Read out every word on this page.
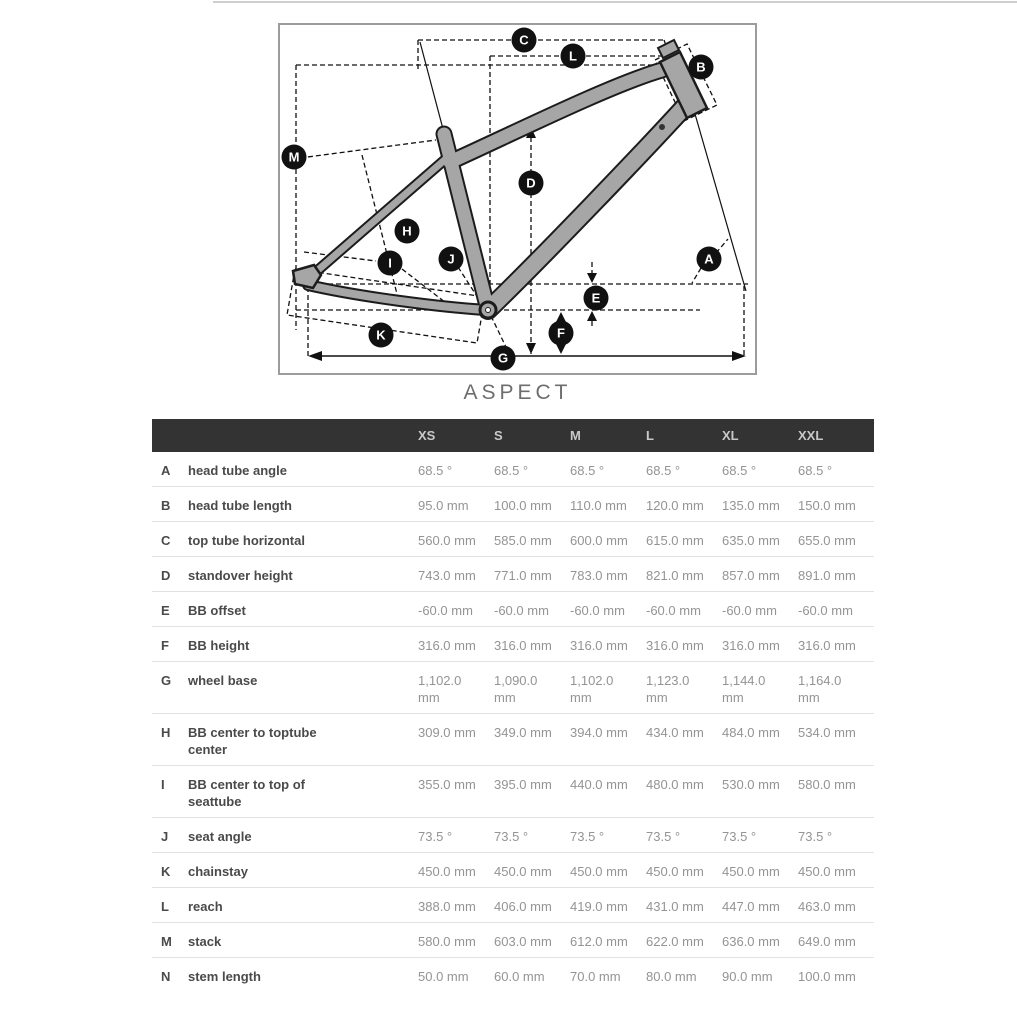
C
L
B
M
D
H
A
J
I
E
F
K
G
ASPECT
		XS	S	M	L	XL	XXL
A	head tube angle	68.5 °	68.5 °	68.5 °	68.5 °	68.5 °	68.5 °
B	head tube length	95.0 mm	100.0 mm	110.0 mm	120.0 mm	135.0 mm	150.0 mm
C	top tube horizontal	560.0 mm	585.0 mm	600.0 mm	615.0 mm	635.0 mm	655.0 mm
D	standover height	743.0 mm	771.0 mm	783.0 mm	821.0 mm	857.0 mm	891.0 mm
E	BB offset	-60.0 mm	-60.0 mm	-60.0 mm	-60.0 mm	-60.0 mm	-60.0 mm
F	BB height	316.0 mm	316.0 mm	316.0 mm	316.0 mm	316.0 mm	316.0 mm
G	wheel base	1,102.0 mm	1,090.0 mm	1,102.0 mm	1,123.0 mm	1,144.0 mm	1,164.0 mm
H	BB center to toptube center	309.0 mm	349.0 mm	394.0 mm	434.0 mm	484.0 mm	534.0 mm
I	BB center to top of seattube	355.0 mm	395.0 mm	440.0 mm	480.0 mm	530.0 mm	580.0 mm
J	seat angle	73.5 °	73.5 °	73.5 °	73.5 °	73.5 °	73.5 °
K	chainstay	450.0 mm	450.0 mm	450.0 mm	450.0 mm	450.0 mm	450.0 mm
L	reach	388.0 mm	406.0 mm	419.0 mm	431.0 mm	447.0 mm	463.0 mm
M	stack	580.0 mm	603.0 mm	612.0 mm	622.0 mm	636.0 mm	649.0 mm
N	stem length	50.0 mm	60.0 mm	70.0 mm	80.0 mm	90.0 mm	100.0 mm
